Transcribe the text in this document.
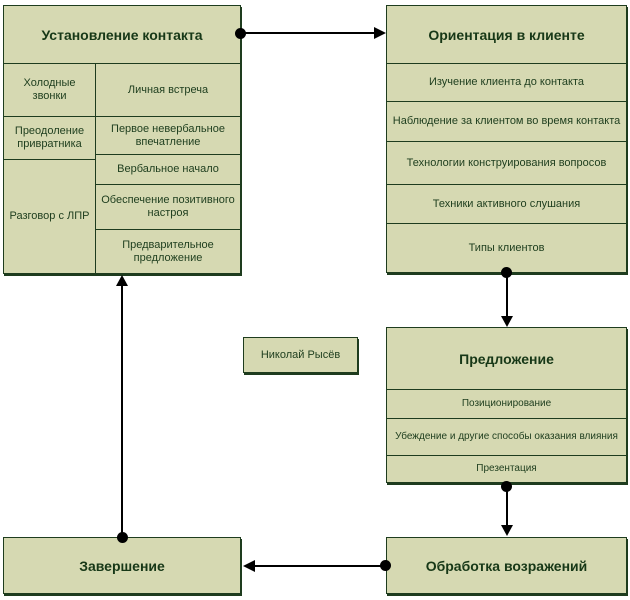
Установление контакта
Холодные звонки
Преодоление привратника
Разговор с ЛПР
Личная встреча
Первое невербальное впечатление
Вербальное начало
Обеспечение позитивного настроя
Предварительное предложение
Ориентация в клиенте
Изучение клиента до контакта
Наблюдение за клиентом во время контакта
Технологии конструирования вопросов
Техники активного слушания
Типы клиентов
Николай Рысёв	Предложение
Позиционирование
Убеждение и другие способы оказания влияния
Презентация
Обработка возражений
Завершение
